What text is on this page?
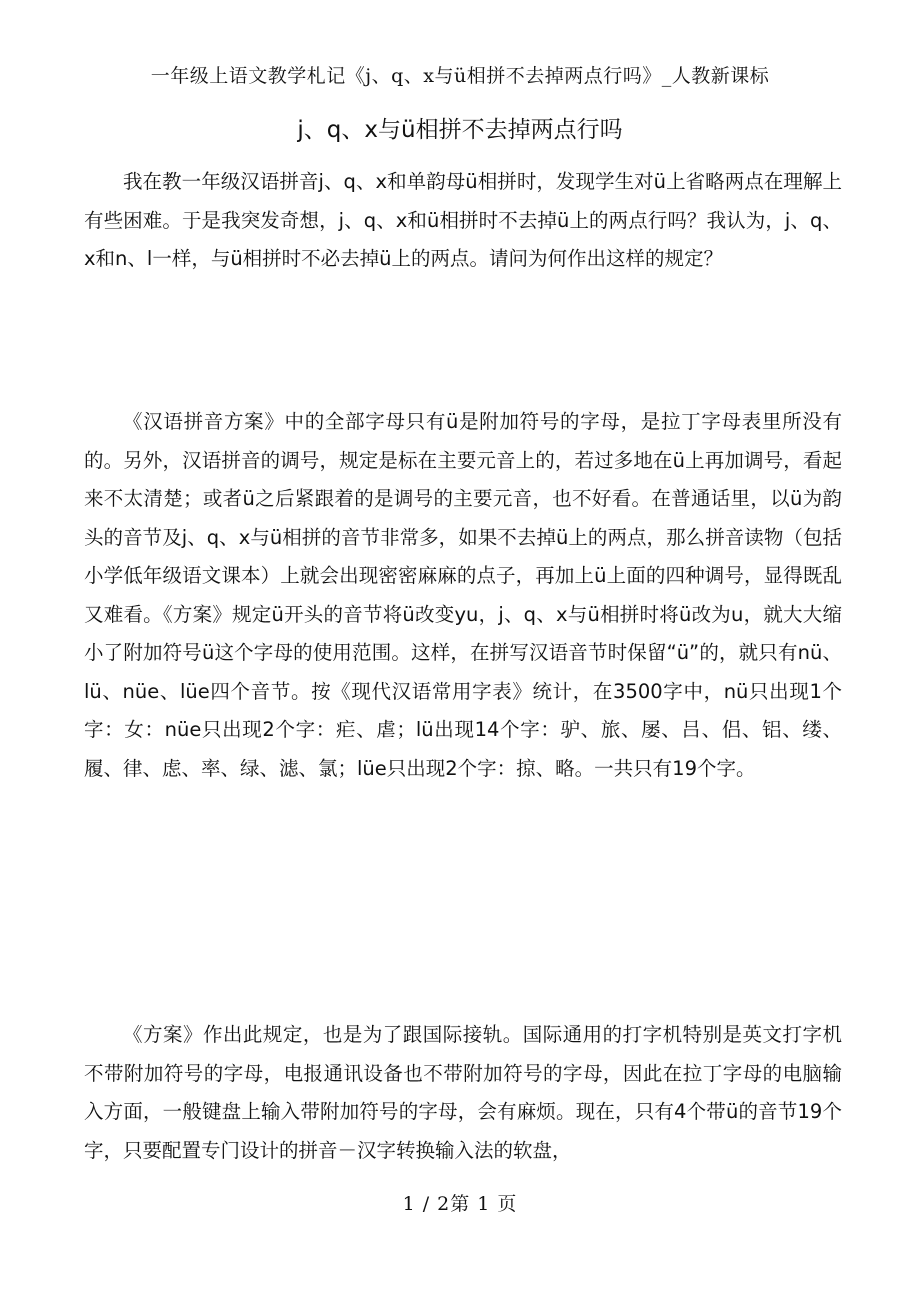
一年级上语文教学札记《j、q、x与ü相拼不去掉两点行吗》_人教新课标
j、q、x与ü相拼不去掉两点行吗

我在教一年级汉语拼音j、q、x和单韵母ü相拼时，发现学生对ü上省略两点在理解上有些困难。于是我突发奇想，j、q、x和ü相拼时不去掉ü上的两点行吗？我认为，j、q、x和n、l一样，与ü相拼时不必去掉ü上的两点。请问为何作出这样的规定？

《汉语拼音方案》中的全部字母只有ü是附加符号的字母，是拉丁字母表里所没有的。另外，汉语拼音的调号，规定是标在主要元音上的，若过多地在ü上再加调号，看起来不太清楚；或者ü之后紧跟着的是调号的主要元音，也不好看。在普通话里，以ü为韵头的音节及j、q、x与ü相拼的音节非常多，如果不去掉ü上的两点，那么拼音读物（包括小学低年级语文课本）上就会出现密密麻麻的点子，再加上ü上面的四种调号，显得既乱又难看。《方案》规定ü开头的音节将ü改变yu，j、q、x与ü相拼时将ü改为u，就大大缩小了附加符号ü这个字母的使用范围。这样，在拼写汉语音节时保留“ü”的，就只有nü、lü、nüe、lüe四个音节。按《现代汉语常用字表》统计，在3500字中，nü只出现1个字：女：nüe只出现2个字：疟、虐；lü出现14个字：驴、旅、屡、吕、侣、铝、缕、履、律、虑、率、绿、滤、氯；lüe只出现2个字：掠、略。一共只有19个字。

《方案》作出此规定，也是为了跟国际接轨。国际通用的打字机特别是英文打字机不带附加符号的字母，电报通讯设备也不带附加符号的字母，因此在拉丁字母的电脑输入方面，一般键盘上输入带附加符号的字母，会有麻烦。现在，只有4个带ü的音节19个字，只要配置专门设计的拼音－汉字转换输入法的软盘，

1 / 2第 1 页
